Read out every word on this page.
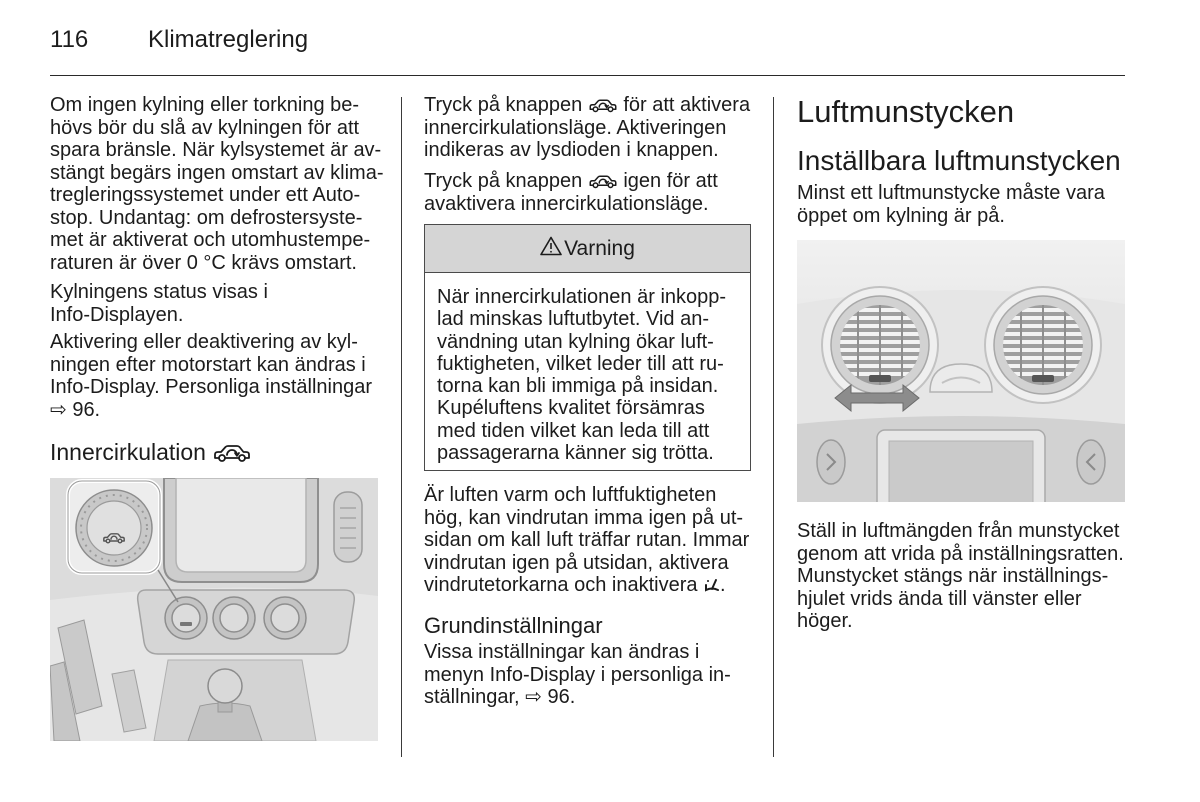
116 Klimatreglering
Om ingen kylning eller torkning be-
hövs bör du slå av kylningen för att
spara bränsle. När kylsystemet är av-
stängt begärs ingen omstart av klima-
tregleringssystemet under ett Auto-
stop. Undantag: om defrostersyste-
met är aktiverat och utomhustempe-
raturen är över 0 °C krävs omstart.
Kylningens status visas i
Info-Displayen.
Aktivering eller deaktivering av kyl-
ningen efter motorstart kan ändras i
Info-Display. Personliga inställningar
⇨ 96.
Innercirkulation
Tryck på knappen
för att aktivera
innercirkulationsläge. Aktiveringen
indikeras av lysdioden i knappen.
Tryck på knappen
igen för att
avaktivera innercirkulationsläge.
Varning
När innercirkulationen är inkopp-
lad minskas luftutbytet. Vid an-
vändning utan kylning ökar luft-
fuktigheten, vilket leder till att ru-
torna kan bli immiga på insidan.
Kupéluftens kvalitet försämras
med tiden vilket kan leda till att
passagerarna känner sig trötta.
Är luften varm och luftfuktigheten
hög, kan vindrutan imma igen på ut-
sidan om kall luft träffar rutan. Immar
vindrutan igen på utsidan, aktivera
vindrutetorkarna och inaktivera
.
Grundinställningar
Vissa inställningar kan ändras i
menyn Info-Display i personliga in-
ställningar, ⇨ 96.
Luftmunstycken
Inställbara luftmunstycken
Minst ett luftmunstycke måste vara
öppet om kylning är på.
Ställ in luftmängden från munstycket
genom att vrida på inställningsratten.
Munstycket stängs när inställnings-
hjulet vrids ända till vänster eller
höger.
